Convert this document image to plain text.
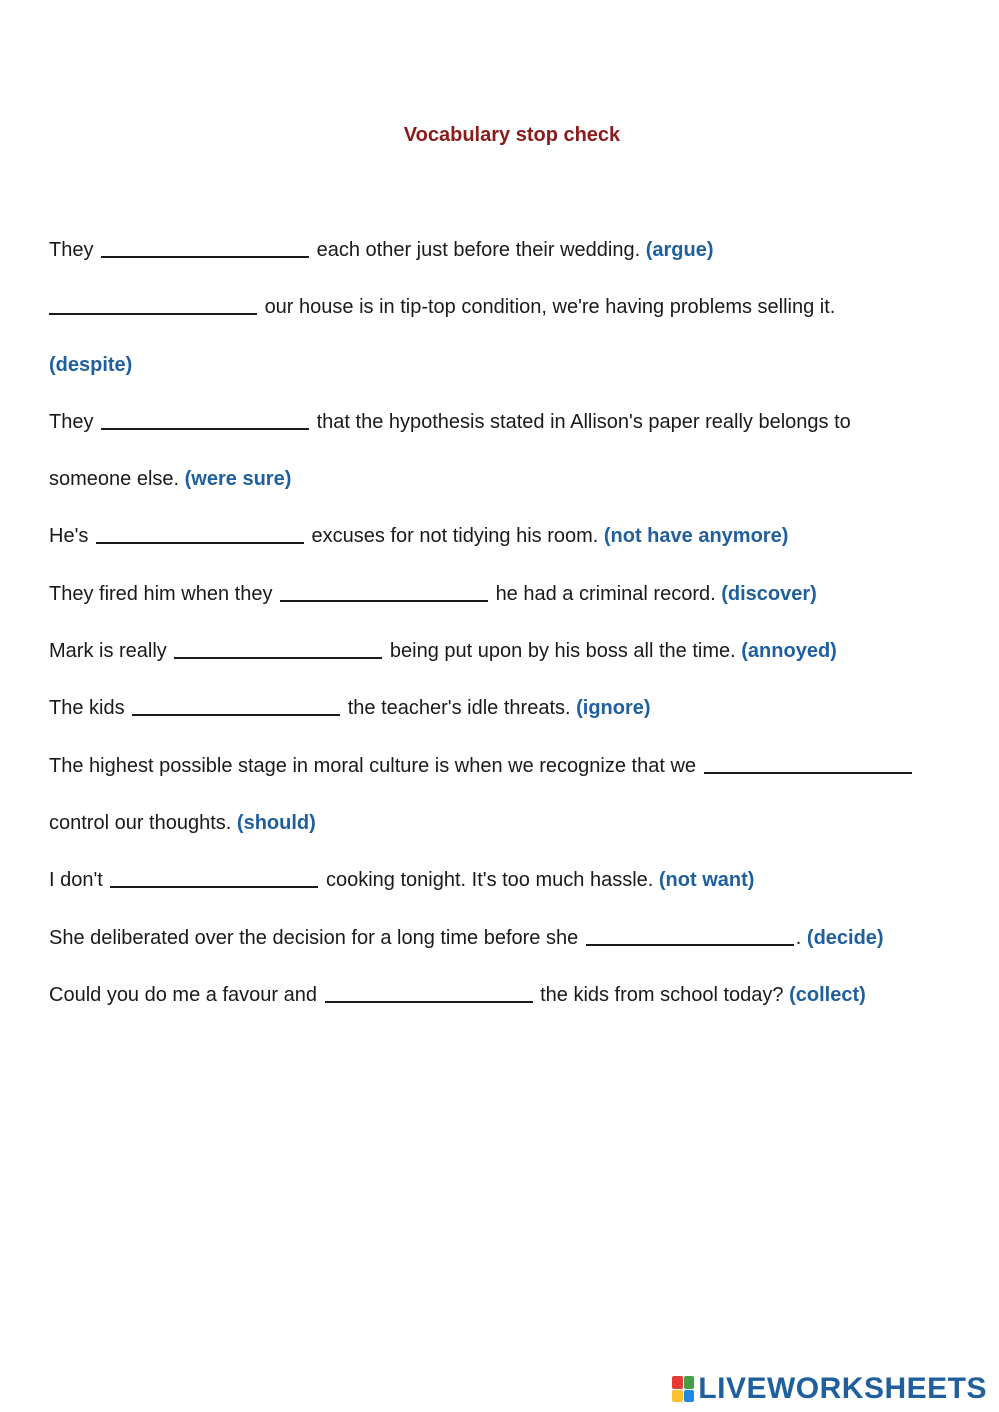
Vocabulary stop check
They	each other just before their wedding. (argue)
our house is in tip-top condition, we're having problems selling it.
(despite)
They	that the hypothesis stated in Allison's paper really belongs to
someone else. (were sure)
He's	excuses for not tidying his room. (not have anymore)
They fired him when they	he had a criminal record. (discover)
Mark is really	being put upon by his boss all the time. (annoyed)
The kids	the teacher's idle threats. (ignore)
The highest possible stage in moral culture is when we recognize that we
control our thoughts. (should)
I don't	cooking tonight. It's too much hassle. (not want)
She deliberated over the decision for a long time before she	. (decide)
Could you do me a favour and	the kids from school today? (collect)
LIVEWORKSHEETS
